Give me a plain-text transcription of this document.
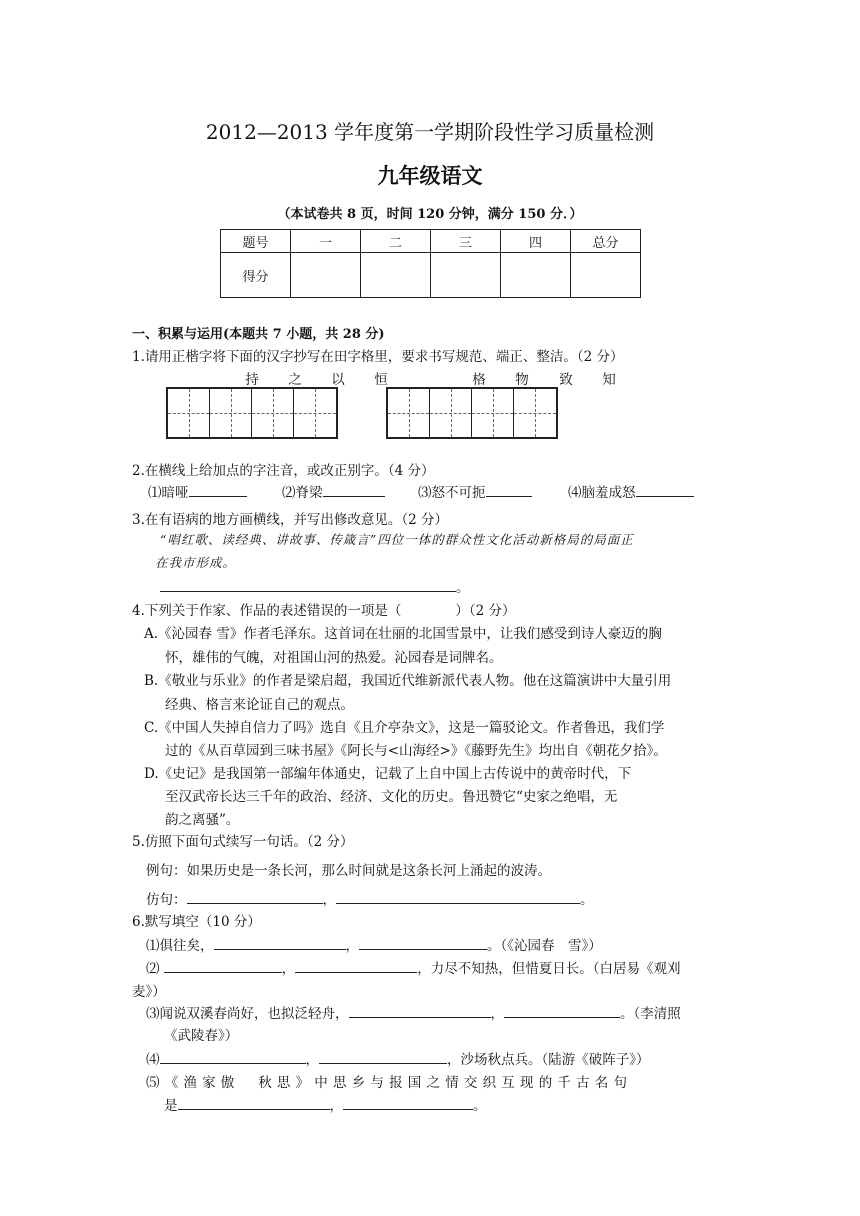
2012—2013 学年度第一学期阶段性学习质量检测
九年级语文
（本试卷共 8 页，时间 120 分钟，满分 150 分．）
题号	一	二	三	四	总分
得分					
一、积累与运用(本题共 7 小题，共 28 分)
1.请用正楷字将下面的汉字抄写在田字格里，要求书写规范、端正、整洁。（2 分）
持	之	以	恒	格	物	致	知
2.在横线上给加点的字注音，或改正别字。（4 分）
⑴暗哑	⑵脊梁	⑶怒不可扼	⑷脑羞成怒
3.在有语病的地方画横线，并写出修改意见。（2 分）
“唱红歌、读经典、讲故事、传箴言”四位一体的群众性文化活动新格局的局面正
在我市形成。
。
4.下列关于作家、作品的表述错误的一项是（　　　　）（2 分）
A.《沁园春 雪》作者毛泽东。这首词在壮丽的北国雪景中，让我们感受到诗人豪迈的胸
怀，雄伟的气魄，对祖国山河的热爱。沁园春是词牌名。
B.《敬业与乐业》的作者是梁启超，我国近代维新派代表人物。他在这篇演讲中大量引用
经典、格言来论证自己的观点。
C.《中国人失掉自信力了吗》选自《且介亭杂文》，这是一篇驳论文。作者鲁迅，我们学
过的《从百草园到三味书屋》《阿长与<山海经>》《藤野先生》均出自《朝花夕拾》。
D.《史记》是我国第一部编年体通史，记载了上自中国上古传说中的黄帝时代，下
至汉武帝长达三千年的政治、经济、文化的历史。鲁迅赞它“史家之绝唱，无
韵之离骚”。
5.仿照下面句式续写一句话。（2 分）
例句：如果历史是一条长河，那么时间就是这条长河上涌起的波涛。
仿句：	，	。
6.默写填空（10 分）
⑴俱往矣，	，	。（《沁园春　雪》）
⑵	，	，力尽不知热，但惜夏日长。（白居易《观刈
麦》）
⑶闻说双溪春尚好，也拟泛轻舟，	，	。（李清照
《武陵春》）
⑷	，	，沙场秋点兵。（陆游《破阵子》）
⑸《渔家傲　秋思》中思乡与报国之情交织互现的千古名句
是	，	。
